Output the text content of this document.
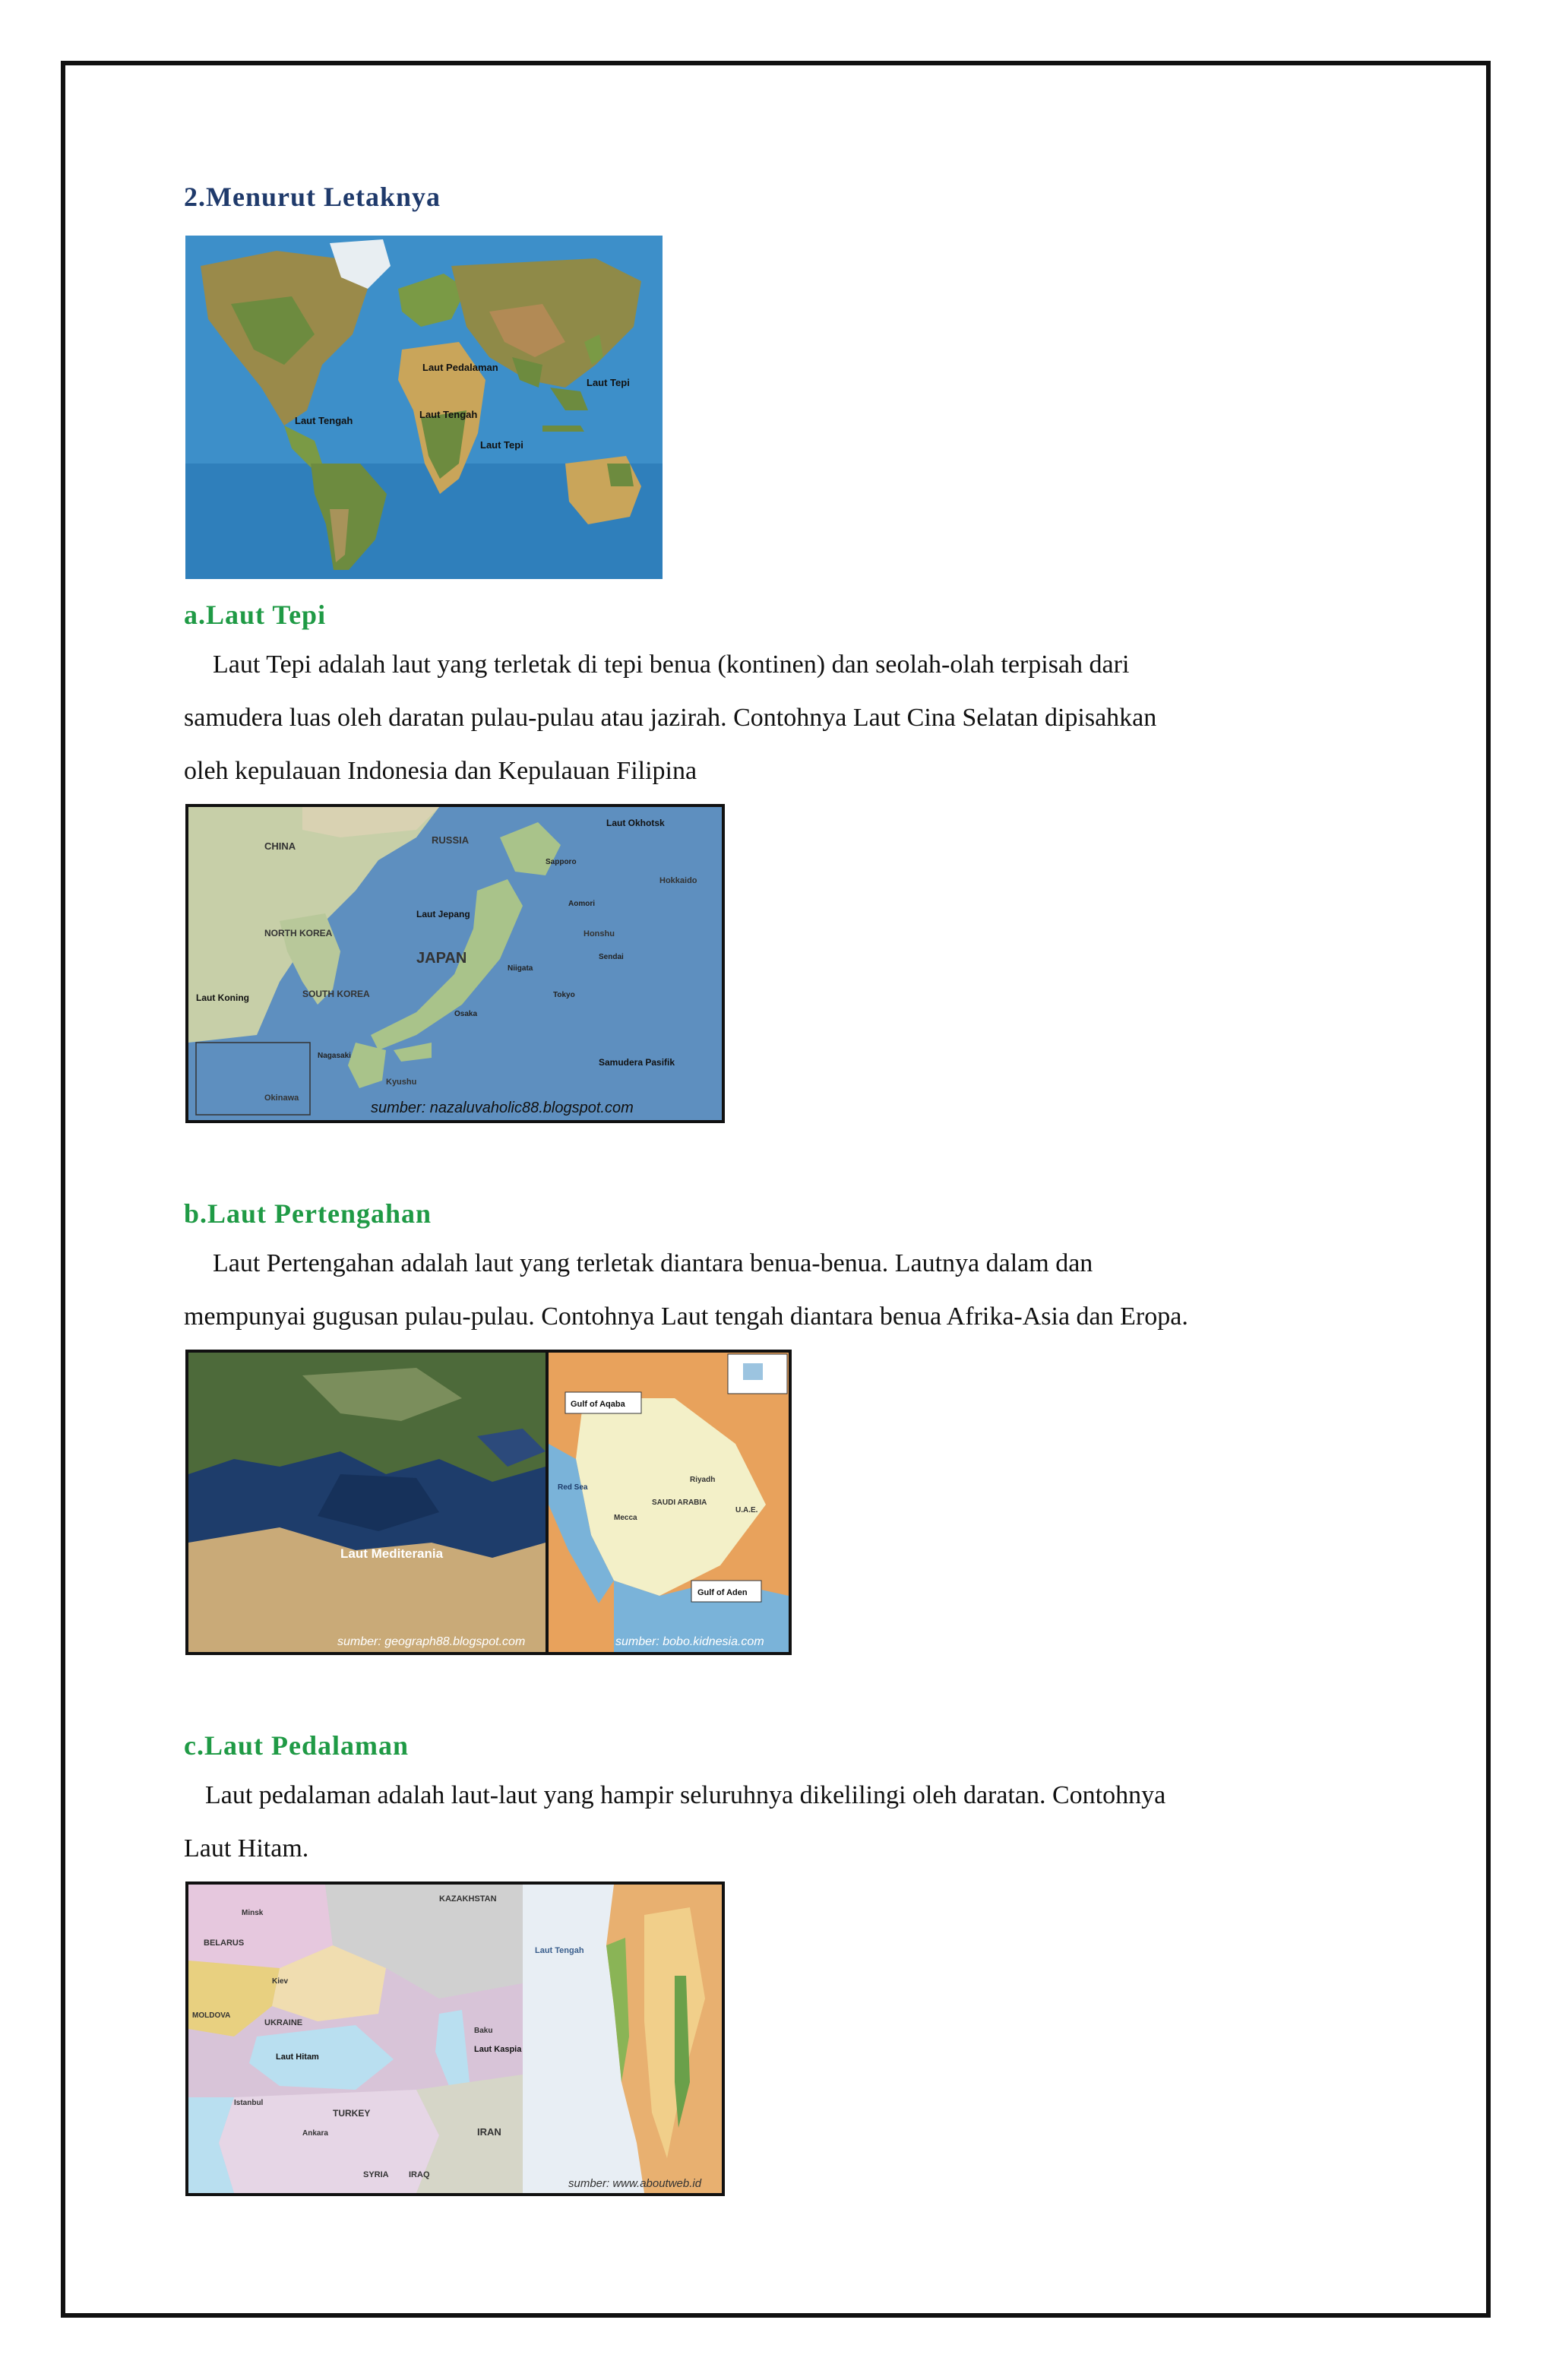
2.Menurut Letaknya
Laut Pedalaman
Laut Tepi
Laut Tengah
Laut Tengah
Laut Tepi
a.Laut Tepi
Laut Tepi adalah laut yang terletak di tepi benua (kontinen) dan seolah-olah terpisah dari
samudera luas oleh daratan pulau-pulau atau jazirah. Contohnya Laut Cina Selatan dipisahkan
oleh kepulauan Indonesia dan Kepulauan Filipina
RUSSIA
CHINA
NORTH KOREA
SOUTH KOREA
JAPAN
Laut Jepang
Laut Okhotsk
Laut Koning
Samudera Pasifik
Hokkaido
Honshu
Kyushu
Okinawa
Sapporo
Tokyo
Osaka
Sendai
Aomori
Nagasaki
Niigata
sumber: nazaluvaholic88.blogspot.com
b.Laut Pertengahan
Laut Pertengahan adalah laut yang terletak diantara benua-benua. Lautnya dalam dan
mempunyai gugusan pulau-pulau. Contohnya Laut tengah diantara benua Afrika-Asia dan Eropa.
Laut Mediterania
sumber: geograph88.blogspot.com
Gulf of Aqaba
Gulf of Aden
SAUDI ARABIA
Mecca
Riyadh
U.A.E.
Red Sea
sumber: bobo.kidnesia.com
c.Laut Pedalaman
Laut pedalaman adalah laut-laut yang hampir seluruhnya dikelilingi oleh daratan. Contohnya
Laut Hitam.
BELARUS
Minsk
Kiev
UKRAINE
Laut Hitam
TURKEY
Ankara
KAZAKHSTAN
Laut Kaspia
Baku
IRAN
IRAQ
SYRIA
MOLDOVA
Istanbul
Laut Tengah
sumber: www.aboutweb.id
